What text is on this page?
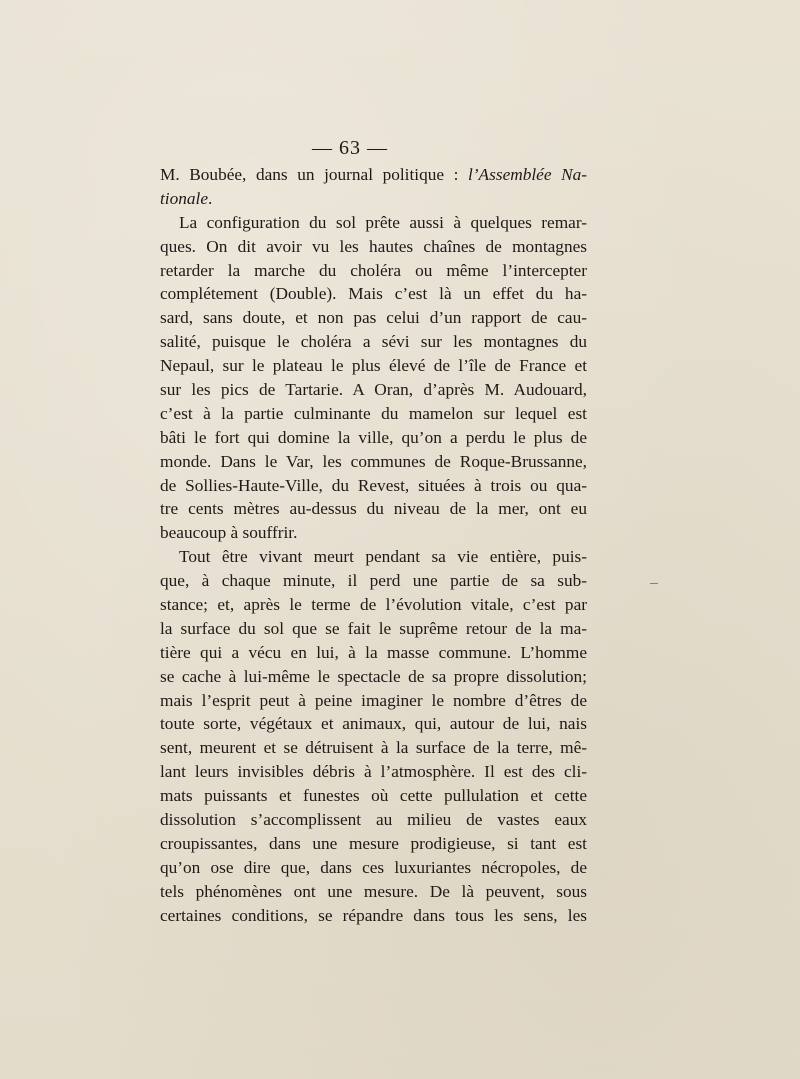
— 63 —
M. Boubée, dans un journal politique : l’Assemblée Na-
tionale.
La configuration du sol prête aussi à quelques remar-
ques. On dit avoir vu les hautes chaînes de montagnes
retarder la marche du choléra ou même l’intercepter
complétement (Double). Mais c’est là un effet du ha-
sard, sans doute, et non pas celui d’un rapport de cau-
salité, puisque le choléra a sévi sur les montagnes du
Nepaul, sur le plateau le plus élevé de l’île de France et
sur les pics de Tartarie. A Oran, d’après M. Audouard,
c’est à la partie culminante du mamelon sur lequel est
bâti le fort qui domine la ville, qu’on a perdu le plus de
monde. Dans le Var, les communes de Roque-Brussanne,
de Sollies-Haute-Ville, du Revest, situées à trois ou qua-
tre cents mètres au-dessus du niveau de la mer, ont eu
beaucoup à souffrir.
Tout être vivant meurt pendant sa vie entière, puis-
que, à chaque minute, il perd une partie de sa sub-
stance; et, après le terme de l’évolution vitale, c’est par
la surface du sol que se fait le suprême retour de la ma-
tière qui a vécu en lui, à la masse commune. L’homme
se cache à lui-même le spectacle de sa propre dissolution;
mais l’esprit peut à peine imaginer le nombre d’êtres de
toute sorte, végétaux et animaux, qui, autour de lui, nais
sent, meurent et se détruisent à la surface de la terre, mê-
lant leurs invisibles débris à l’atmosphère. Il est des cli-
mats puissants et funestes où cette pullulation et cette
dissolution s’accomplissent au milieu de vastes eaux
croupissantes, dans une mesure prodigieuse, si tant est
qu’on ose dire que, dans ces luxuriantes nécropoles, de
tels phénomènes ont une mesure. De là peuvent, sous
certaines conditions, se répandre dans tous les sens, les
